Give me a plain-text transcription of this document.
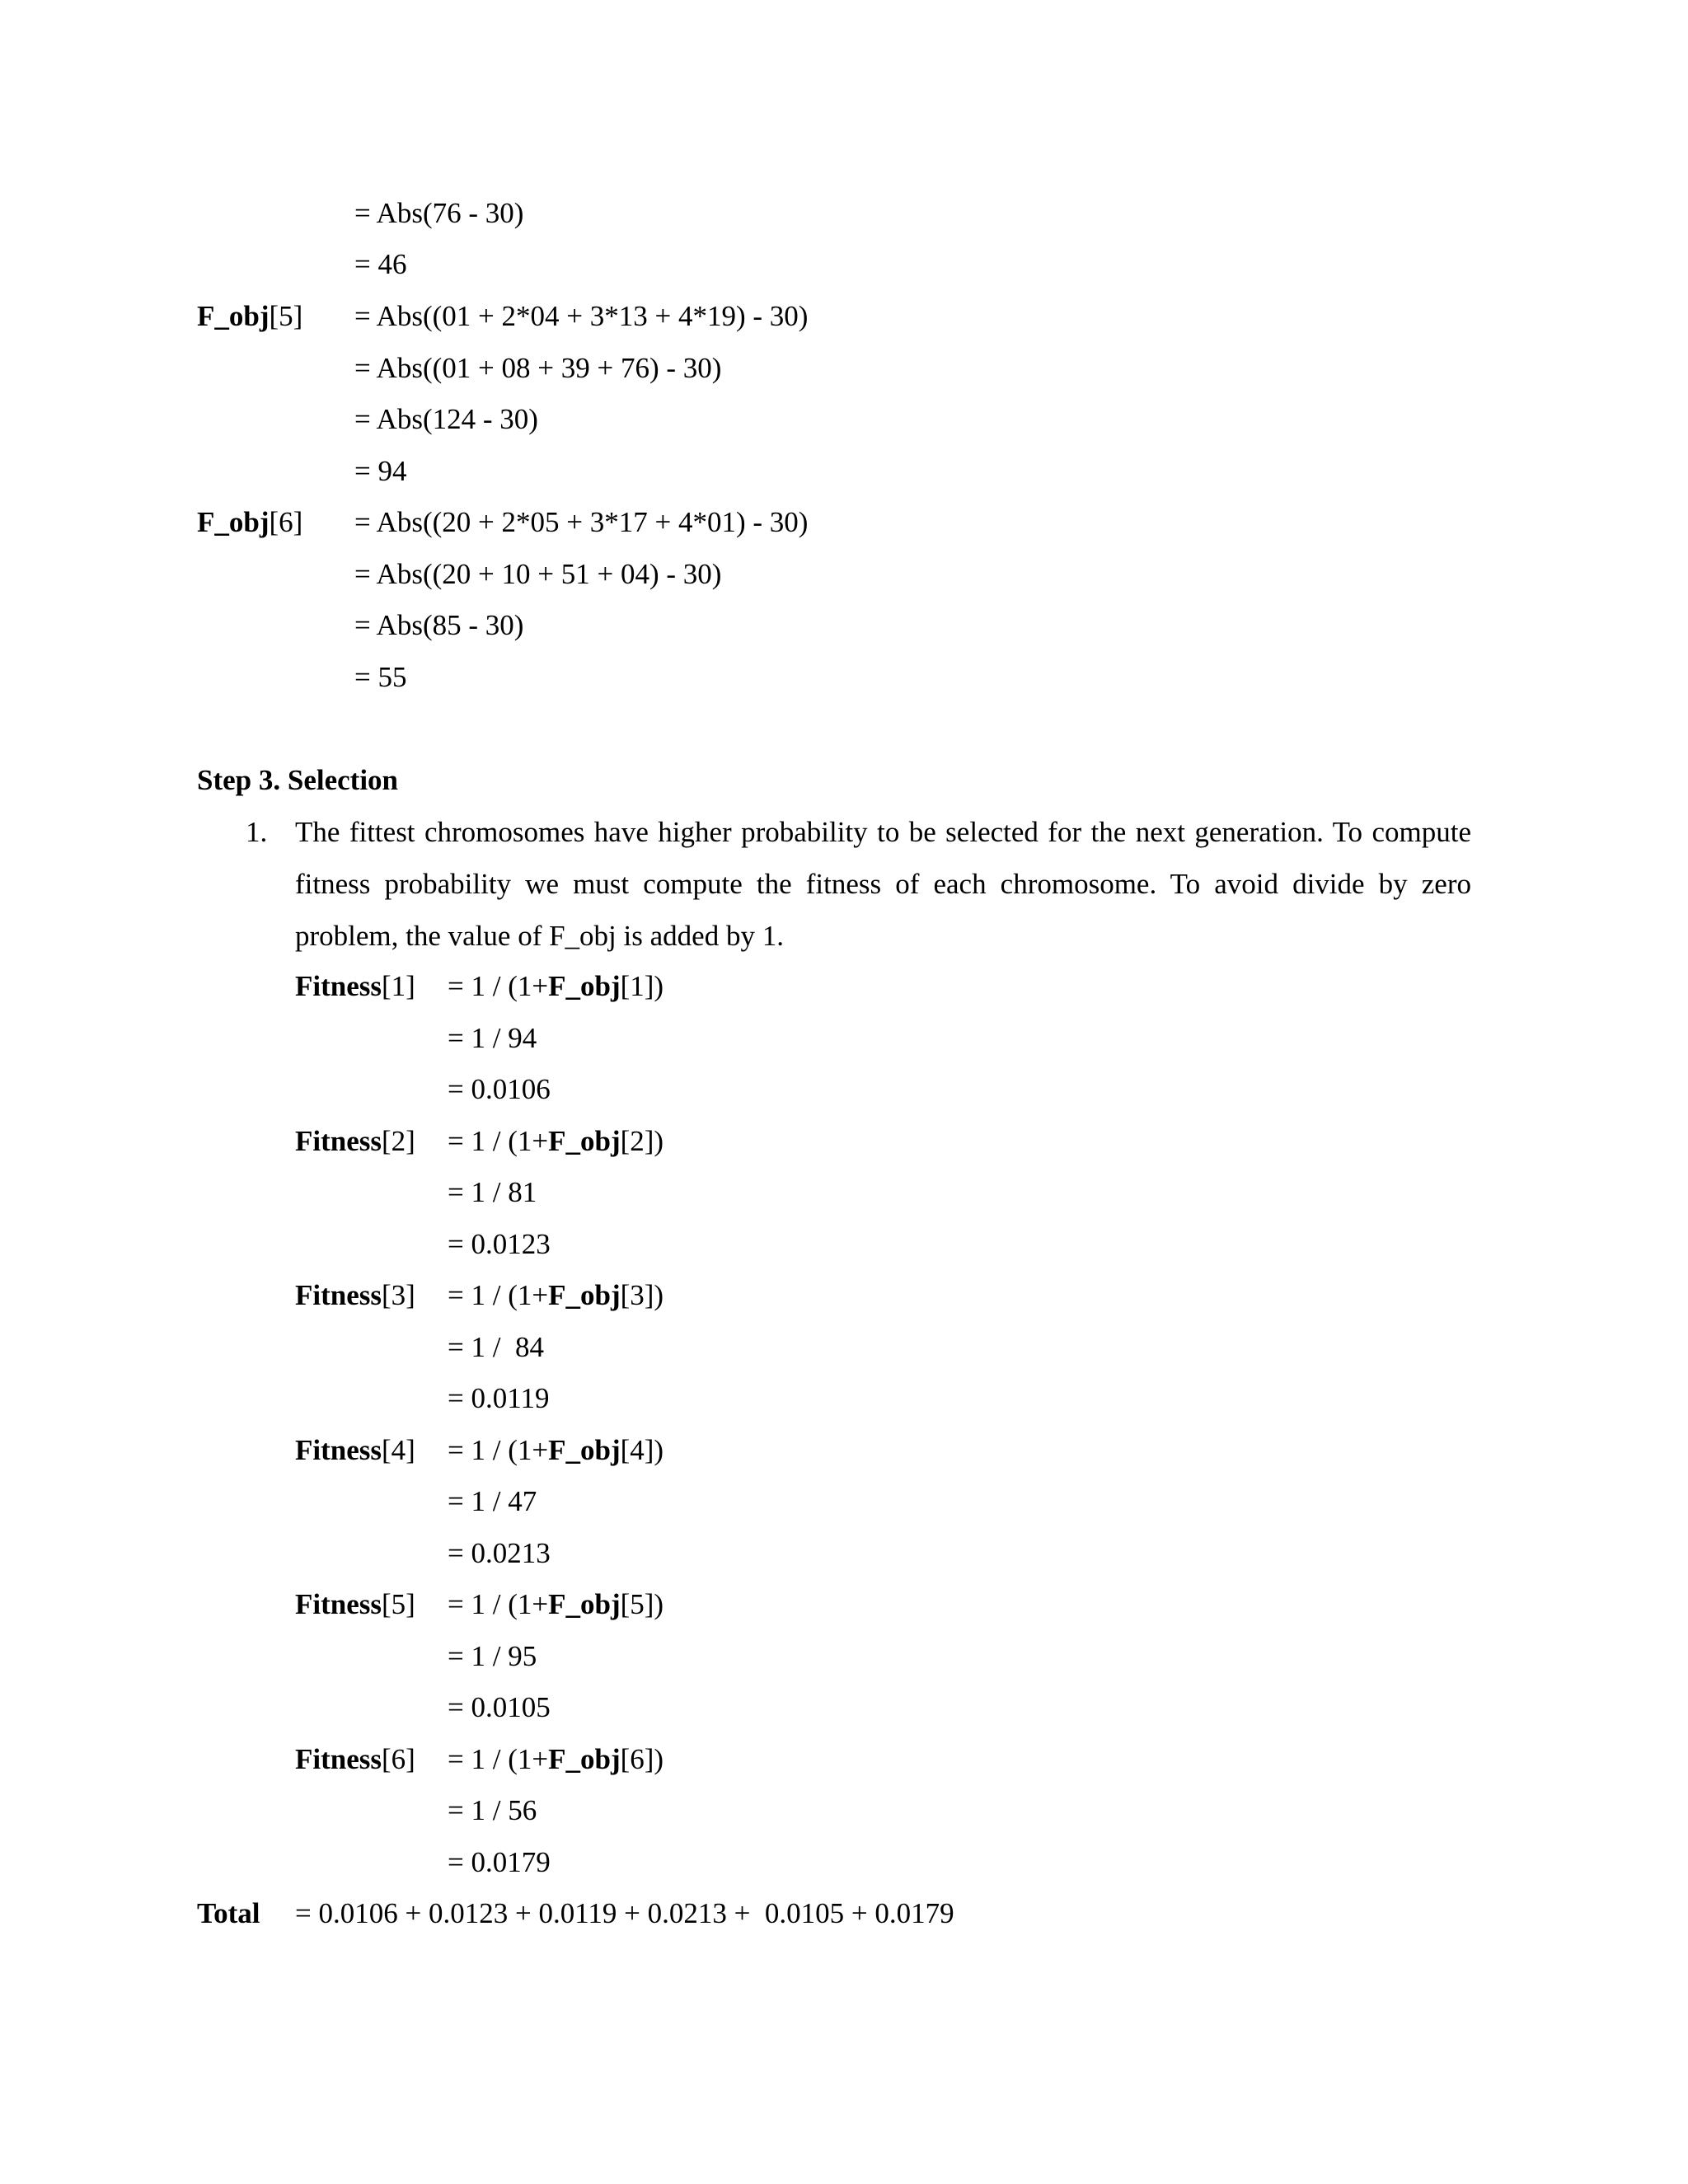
= Abs(76 - 30)
= 46
F_obj[5] = Abs((01 + 2*04 + 3*13 + 4*19) - 30)
= Abs((01 + 08 + 39 + 76) - 30)
= Abs(124 - 30)
= 94
F_obj[6] = Abs((20 + 2*05 + 3*17 + 4*01) - 30)
= Abs((20 + 10 + 51 + 04) - 30)
= Abs(85 - 30)
= 55
Step 3. Selection
1. The fittest chromosomes have higher probability to be selected for the next generation. To compute fitness probability we must compute the fitness of each chromosome. To avoid divide by zero problem, the value of F_obj is added by 1.
Fitness[1] = 1 / (1+F_obj[1])
= 1 / 94
= 0.0106
Fitness[2] = 1 / (1+F_obj[2])
= 1 / 81
= 0.0123
Fitness[3] = 1 / (1+F_obj[3])
= 1 /  84
= 0.0119
Fitness[4] = 1 / (1+F_obj[4])
= 1 / 47
= 0.0213
Fitness[5] = 1 / (1+F_obj[5])
= 1 / 95
= 0.0105
Fitness[6] = 1 / (1+F_obj[6])
= 1 / 56
= 0.0179
Total = 0.0106 + 0.0123 + 0.0119 + 0.0213 +  0.0105 + 0.0179
